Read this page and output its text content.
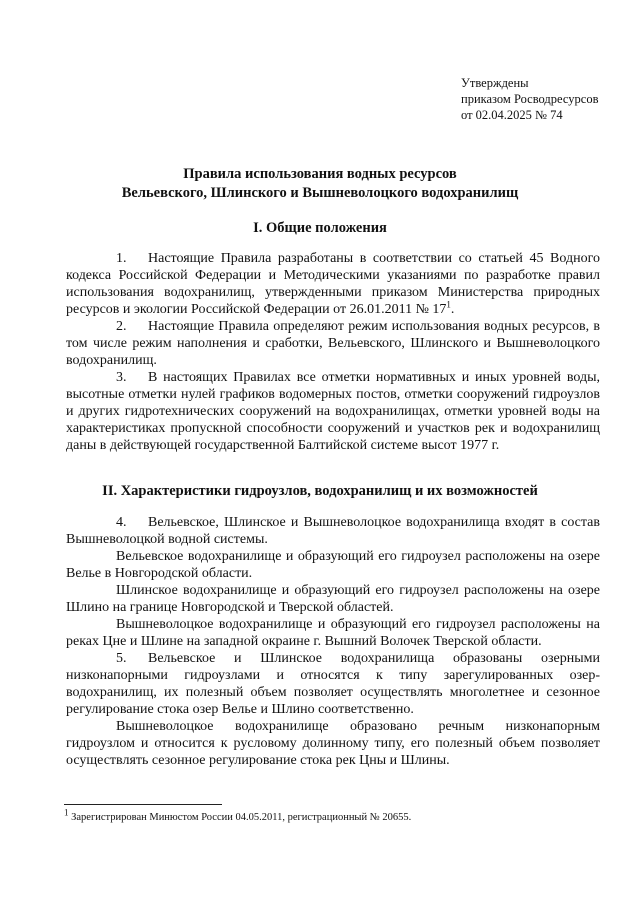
Утверждены
приказом Росводресурсов
от 02.04.2025 № 74
Правила использования водных ресурсов
Вельевского, Шлинского и Вышневолоцкого водохранилищ
I. Общие положения

1. Настоящие Правила разработаны в соответствии со статьей 45 Водного кодекса Российской Федерации и Методическими указаниями по разработке правил использования водохранилищ, утвержденными приказом Министерства природных ресурсов и экологии Российской Федерации от 26.01.2011 № $17^1$.

2. Настоящие Правила определяют режим использования водных ресурсов, в том числе режим наполнения и сработки, Вельевского, Шлинского и Вышневолоцкого водохранилищ.

3. В настоящих Правилах все отметки нормативных и иных уровней воды, высотные отметки нулей графиков водомерных постов, отметки сооружений гидроузлов и других гидротехнических сооружений на водохранилищах, отметки уровней воды на характеристиках пропускной способности сооружений и участков рек и водохранилищ даны в действующей государственной Балтийской системе высот 1977 г.

II. Характеристики гидроузлов, водохранилищ и их возможностей

4. Вельевское, Шлинское и Вышневолоцкое водохранилища входят в состав Вышневолоцкой водной системы.

Вельевское водохранилище и образующий его гидроузел расположены на озере Велье в Новгородской области.

Шлинское водохранилище и образующий его гидроузел расположены на озере Шлино на границе Новгородской и Тверской областей.

Вышневолоцкое водохранилище и образующий его гидроузел расположены на реках Цне и Шлине на западной окраине г. Вышний Волочек Тверской области.

5. Вельевское и Шлинское водохранилища образованы озерными низконапорными гидроузлами и относятся к типу зарегулированных озер-водохранилищ, их полезный объем позволяет осуществлять многолетнее и сезонное регулирование стока озер Велье и Шлино соответственно.

Вышневолоцкое водохранилище образовано речным низконапорным гидроузлом и относится к русловому долинному типу, его полезный объем позволяет осуществлять сезонное регулирование стока рек Цны и Шлины.

$^1$ Зарегистрирован Минюстом России 04.05.2011, регистрационный № 20655.
